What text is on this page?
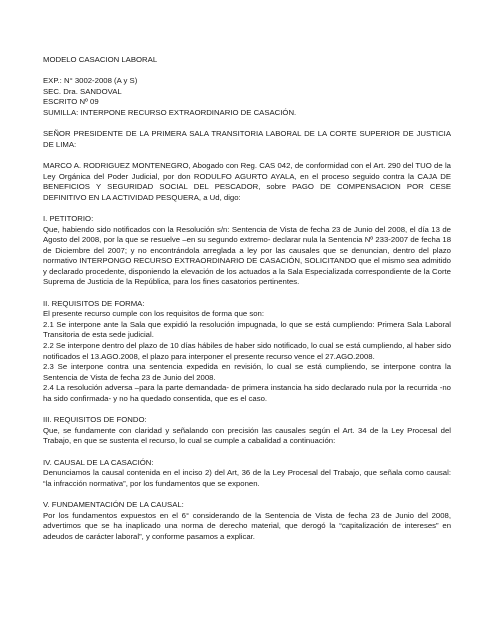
MODELO CASACION LABORAL

EXP.: N° 3002-2008 (A y S)

SEC. Dra. SANDOVAL

ESCRITO Nº 09

SUMILLA: INTERPONE RECURSO EXTRAORDINARIO DE CASACIÓN.

SEÑOR PRESIDENTE DE LA PRIMERA SALA TRANSITORIA LABORAL DE LA CORTE SUPERIOR DE JUSTICIA DE LIMA:

MARCO A. RODRIGUEZ MONTENEGRO, Abogado con Reg. CAS 042, de conformidad con el Art. 290 del TUO de la Ley Orgánica del Poder Judicial, por don RODULFO AGURTO AYALA, en el proceso seguido contra la CAJA DE BENEFICIOS Y SEGURIDAD SOCIAL DEL PESCADOR, sobre PAGO DE COMPENSACION POR CESE DEFINITIVO EN LA ACTIVIDAD PESQUERA, a Ud, digo:

I. PETITORIO:

Que, habiendo sido notificados con la Resolución s/n: Sentencia de Vista de fecha 23 de Junio del 2008, el día 13 de Agosto del 2008, por la que se resuelve –en su segundo extremo- declarar nula la Sentencia Nº 233-2007 de fecha 18 de Diciembre del 2007; y no encontrándola arreglada a ley por las causales que se denuncian, dentro del plazo normativo INTERPONGO RECURSO EXTRAORDINARIO DE CASACIÓN, SOLICITANDO que el mismo sea admitido y declarado procedente, disponiendo la elevación de los actuados a la Sala Especializada correspondiente de la Corte Suprema de Justicia de la República, para los fines casatorios pertinentes.

II. REQUISITOS DE FORMA:

El presente recurso cumple con los requisitos de forma que son:

2.1 Se interpone ante la Sala que expidió la resolución impugnada, lo que se está cumpliendo: Primera Sala Laboral Transitoria de esta sede judicial.

2.2 Se interpone dentro del plazo de 10 días hábiles de haber sido notificado, lo cual se está cumpliendo, al haber sido notificados el 13.AGO.2008, el plazo para interponer el presente recurso vence el 27.AGO.2008.

2.3 Se interpone contra una sentencia expedida en revisión, lo cual se está cumpliendo, se interpone contra la Sentencia de Vista de fecha 23 de Junio del 2008.

2.4 La resolución adversa –para la parte demandada- de primera instancia ha sido declarado nula por la recurrida -no ha sido confirmada- y no ha quedado consentida, que es el caso.

III. REQUISITOS DE FONDO:

Que, se fundamente con claridad y señalando con precisión las causales según el Art. 34 de la Ley Procesal del Trabajo, en que se sustenta el recurso, lo cual se cumple a cabalidad a continuación:

IV. CAUSAL DE LA CASACIÓN:

Denunciamos la causal contenida en el inciso 2) del Art, 36 de la Ley Procesal del Trabajo, que señala como causal: “la infracción normativa”, por los fundamentos que se exponen.

V. FUNDAMENTACIÓN DE LA CAUSAL:

Por los fundamentos expuestos en el 6° considerando de la Sentencia de Vista de fecha 23 de Junio del 2008, advertimos que se ha inaplicado una norma de derecho material, que derogó la “capitalización de intereses” en adeudos de carácter laboral”, y conforme pasamos a explicar.
